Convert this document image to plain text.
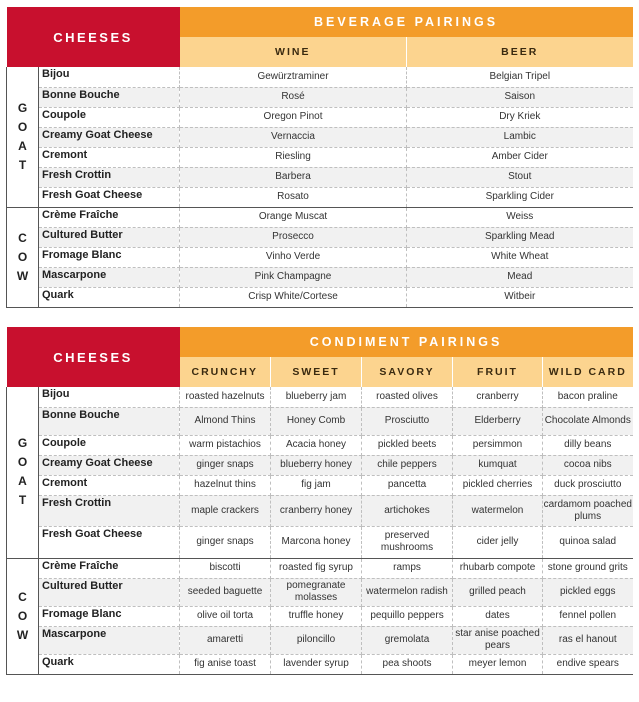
CHEESES		BEVERAGE PAIRINGS	
		WINE	BEER

G
O
A
T	Bijou	Gewürztraminer	Belgian Tripel
	Bonne Bouche	Rosé	Saison
	Coupole	Oregon Pinot	Dry Kriek
	Creamy Goat Cheese	Vernaccia	Lambic
	Cremont	Riesling	Amber Cider
	Fresh Crottin	Barbera	Stout
	Fresh Goat Cheese	Rosato	Sparkling Cider

C
O
W	Crème Fraîche	Orange Muscat	Weiss
	Cultured Butter	Prosecco	Sparkling Mead
	Fromage Blanc	Vinho Verde	White Wheat
	Mascarpone	Pink Champagne	Mead
	Quark	Crisp White/Cortese	Witbeir
CHEESES		CONDIMENT PAIRINGS				
		CRUNCHY	SWEET	SAVORY	FRUIT	WILD CARD

G
O
A
T	Bijou	roasted hazelnuts	blueberry jam	roasted olives	cranberry	bacon praline
	Bonne Bouche	Almond Thins	Honey Comb	Prosciutto	Elderberry	Chocolate Almonds
	Coupole	warm pistachios	Acacia honey	pickled beets	persimmon	dilly beans
	Creamy Goat Cheese	ginger snaps	blueberry honey	chile peppers	kumquat	cocoa nibs
	Cremont	hazelnut thins	fig jam	pancetta	pickled cherries	duck prosciutto
	Fresh Crottin	maple crackers	cranberry honey	artichokes	watermelon	cardamom poached plums
	Fresh Goat Cheese	ginger snaps	Marcona honey	preserved mushrooms	cider jelly	quinoa salad

C
O
W	Crème Fraîche	biscotti	roasted fig syrup	ramps	rhubarb compote	stone ground grits
	Cultured Butter	seeded baguette	pomegranate molasses	watermelon radish	grilled peach	pickled eggs
	Fromage Blanc	olive oil torta	truffle honey	pequillo peppers	dates	fennel pollen
	Mascarpone	amaretti	piloncillo	gremolata	star anise poached pears	ras el hanout
	Quark	fig anise toast	lavender syrup	pea shoots	meyer lemon	endive spears
